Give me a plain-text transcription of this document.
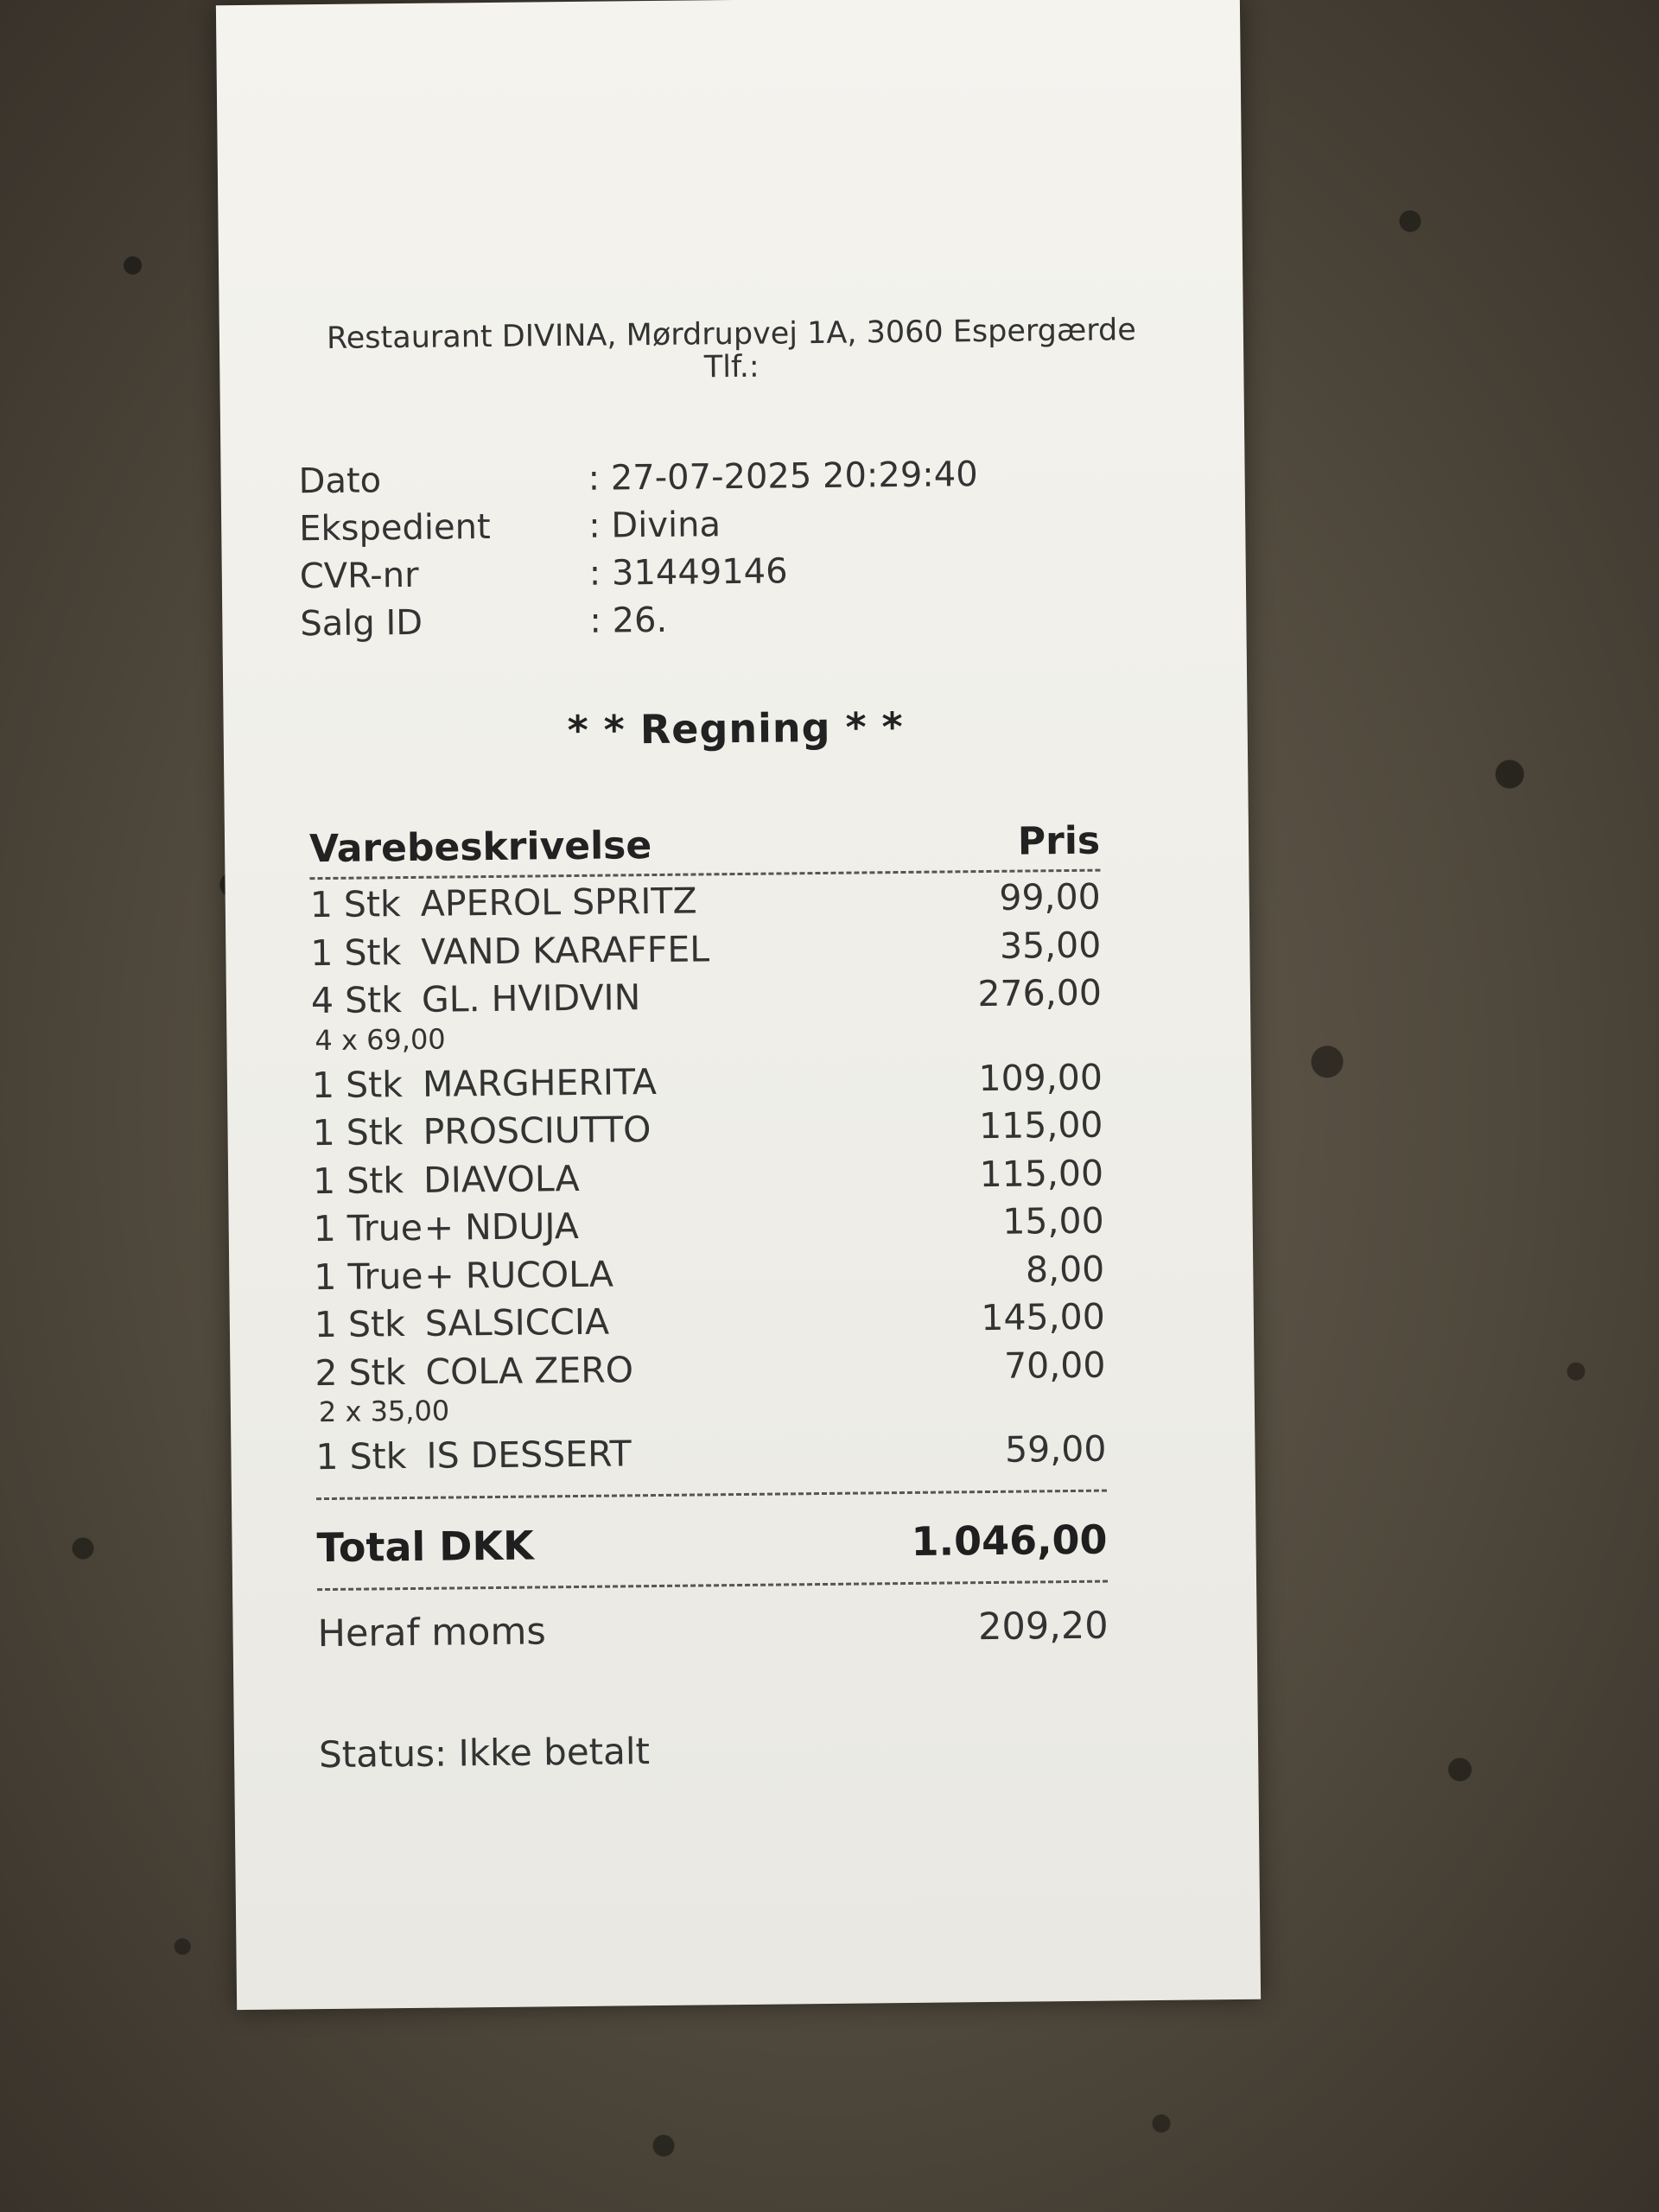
Restaurant DIVINA, Mørdrupvej 1A, 3060 Espergærde
Tlf.:
Dato	: 27-07-2025 20:29:40
Ekspedient	: Divina
CVR-nr	: 31449146
Salg ID	: 26.
* * Regning * *
Varebeskrivelse	Pris
1 Stk APEROL SPRITZ	99,00
1 Stk VAND KARAFFEL	35,00
4 Stk GL. HVIDVIN	276,00
4 x 69,00
1 Stk MARGHERITA	109,00
1 Stk PROSCIUTTO	115,00
1 Stk DIAVOLA	115,00
1 True+ NDUJA	15,00
1 True+ RUCOLA	8,00
1 Stk SALSICCIA	145,00
2 Stk COLA ZERO	70,00
2 x 35,00
1 Stk IS DESSERT	59,00
Total DKK	1.046,00
Heraf moms	209,20
Status: Ikke betalt
